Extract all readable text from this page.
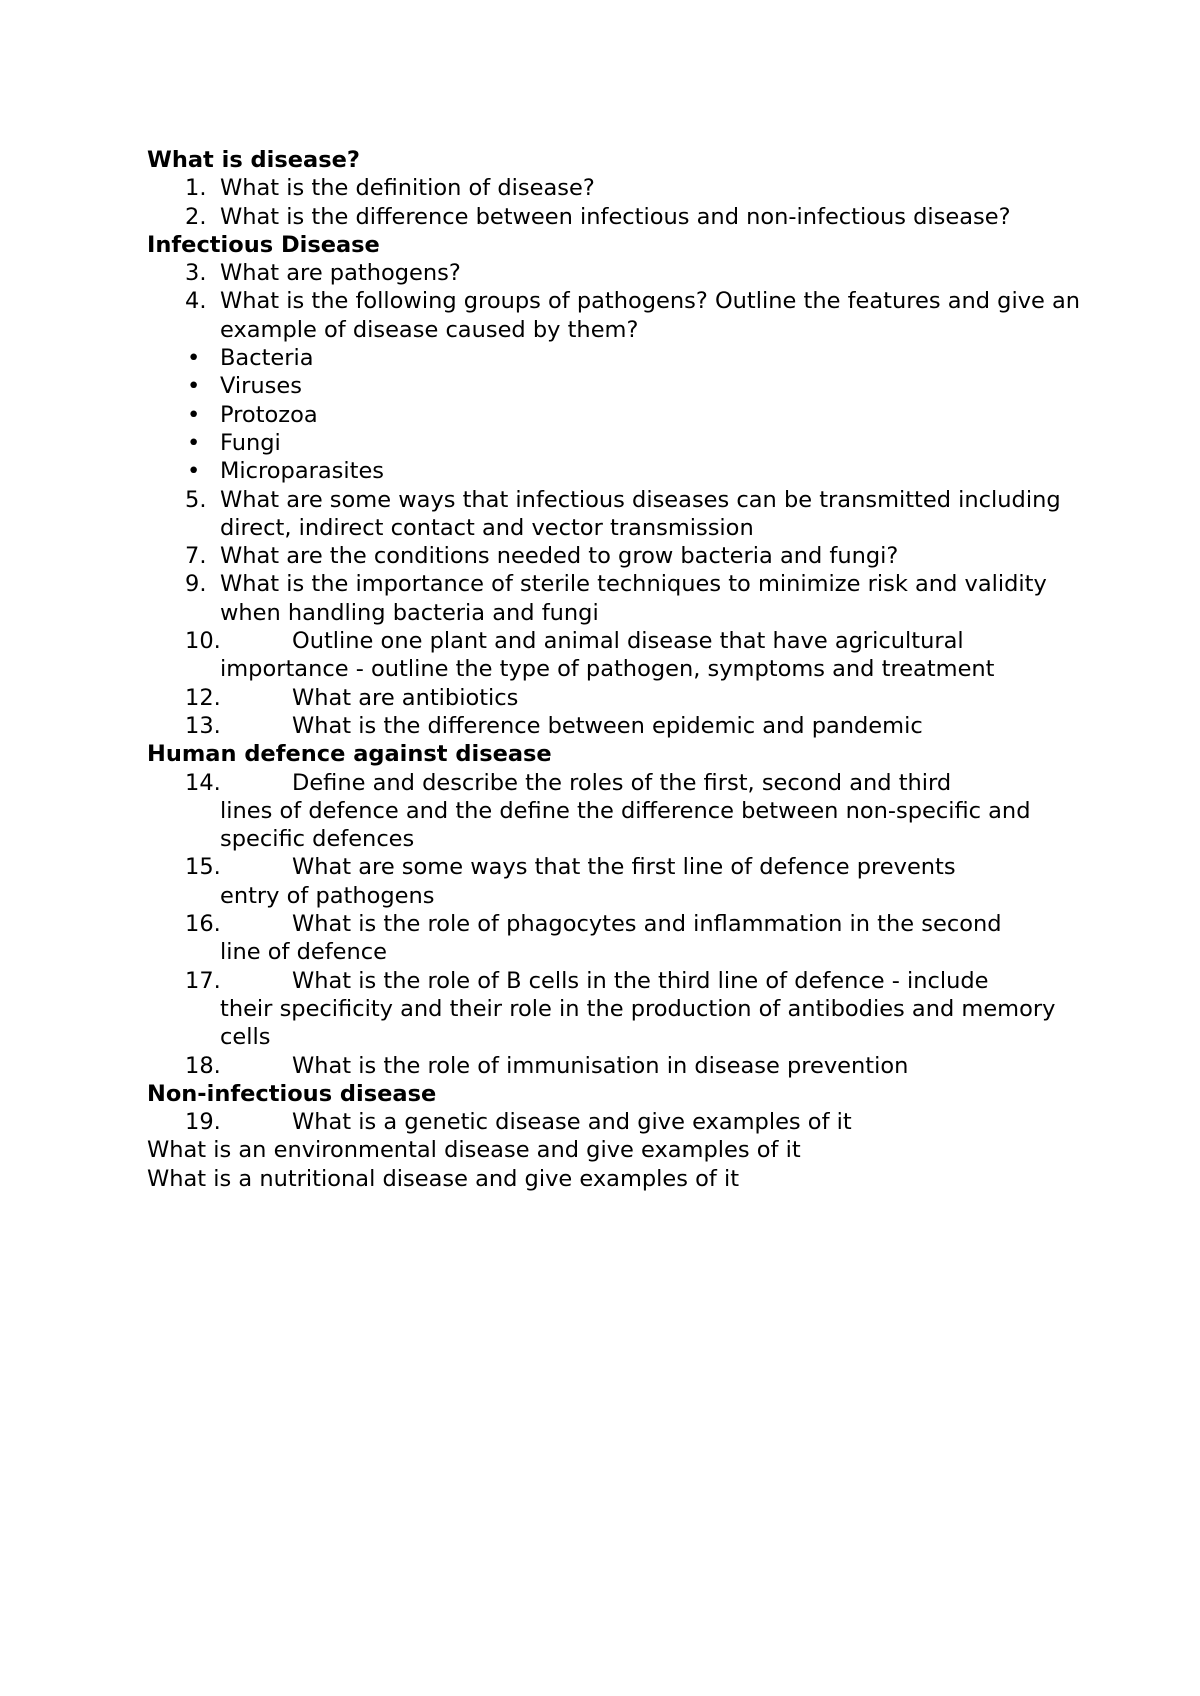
What is disease?

1. What is the definition of disease?
2. What is the difference between infectious and non-infectious disease?

Infectious Disease

3. What are pathogens?
4. What is the following groups of pathogens? Outline the features and give an example of disease caused by them?
• Bacteria
• Viruses
• Protozoa
• Fungi
• Microparasites
5. What are some ways that infectious diseases can be transmitted including direct, indirect contact and vector transmission
7. What are the conditions needed to grow bacteria and fungi?
9. What is the importance of sterile techniques to minimize risk and validity when handling bacteria and fungi
10.	Outline one plant and animal disease that have agricultural
importance - outline the type of pathogen, symptoms and treatment
12.	What are antibiotics
13.	What is the difference between epidemic and pandemic

Human defence against disease

14.	Define and describe the roles of the first, second and third
lines of defence and the define the difference between non-specific and specific defences
15.	What are some ways that the first line of defence prevents
entry of pathogens
16.	What is the role of phagocytes and inflammation in the second
line of defence
17.	What is the role of B cells in the third line of defence - include
their specificity and their role in the production of antibodies and memory cells
18.	What is the role of immunisation in disease prevention

Non-infectious disease

19.	What is a genetic disease and give examples of it

What is an environmental disease and give examples of it

What is a nutritional disease and give examples of it
